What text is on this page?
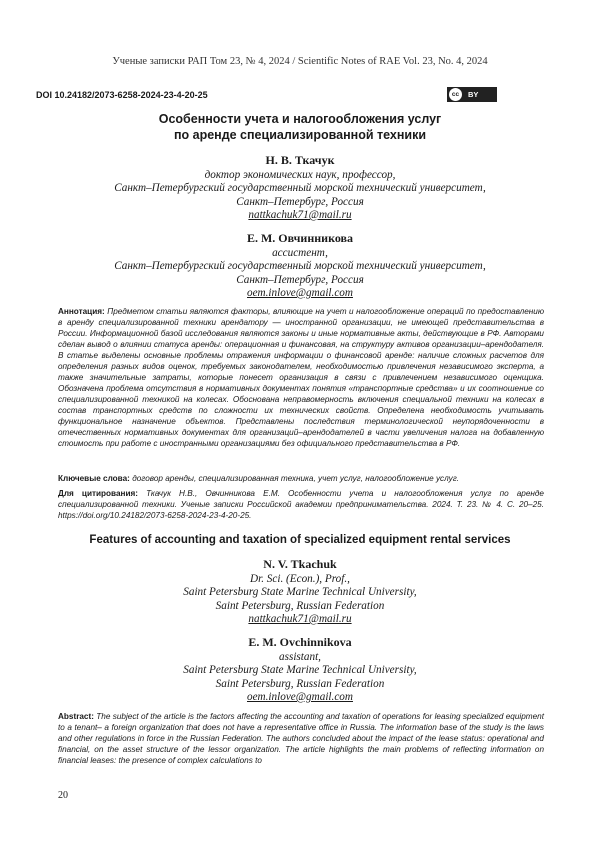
Ученые записки РАП Том 23, № 4, 2024 / Scientific Notes of RAE Vol. 23, No. 4, 2024
DOI 10.24182/2073-6258-2024-23-4-20-25	cc	BY
Особенности учета и налогообложения услуг
по аренде специализированной техники
Н. В. Ткачук
доктор экономических наук, профессор,
Санкт–Петербургский государственный морской технический университет,
Санкт–Петербург, Россия
nattkachuk71@mail.ru
Е. М. Овчинникова
ассистент,
Санкт–Петербургский государственный морской технический университет,
Санкт–Петербург, Россия
oem.inlove@gmail.com
Аннотация: Предметом статьи являются факторы, влияющие на учет и налогообложение операций по предоставлению в аренду специализированной техники арендатору — иностранной организации, не имеющей представительства в России. Информационной базой исследования являются законы и иные нормативные акты, действующие в РФ. Авторами сделан вывод о влиянии статуса аренды: операционная и финансовая, на структуру активов организации–арендодателя. В статье выделены основные проблемы отражения информации о финансовой аренде: наличие сложных расчетов для определения разных видов оценок, требуемых законодателем, необходимостью привлечения независимого эксперта, а также значительные затраты, которые понесет организация в связи с привлечением независимого оценщика. Обозначена проблема отсутствия в нормативных документах понятия «транспортные средства» и их соотношение со специализированной техникой на колесах. Обоснована неправомерность включения специальной техники на колесах в состав транспортных средств по сложности их технических свойств. Определена необходимость учитывать функциональное назначение объектов. Представлены последствия терминологической неупорядоченности в отечественных нормативных документах для организаций–арендодателей в части увеличения налога на добавленную стоимость при работе с иностранными организациями без официального представительства в РФ.
Ключевые слова: договор аренды, специализированная техника, учет услуг, налогообложение услуг.
Для цитирования: Ткачук Н.В., Овчинникова Е.М. Особенности учета и налогообложения услуг по аренде специализированной техники. Ученые записки Российской академии предпринимательства. 2024. Т. 23. № 4. С. 20–25. https://doi.org/10.24182/2073-6258-2024-23-4-20-25.
Features of accounting and taxation of specialized equipment rental services
N. V. Tkachuk
Dr. Sci. (Econ.), Prof.,
Saint Petersburg State Marine Technical University,
Saint Petersburg, Russian Federation
nattkachuk71@mail.ru
E. M. Ovchinnikova
assistant,
Saint Petersburg State Marine Technical University,
Saint Petersburg, Russian Federation
oem.inlove@gmail.com
Abstract: The subject of the article is the factors affecting the accounting and taxation of operations for leasing specialized equipment to a tenant– a foreign organization that does not have a representative office in Russia. The information base of the study is the laws and other regulations in force in the Russian Federation. The authors concluded about the impact of the lease status: operational and financial, on the asset structure of the lessor organization. The article highlights the main problems of reflecting information on financial leases: the presence of complex calculations to
20
